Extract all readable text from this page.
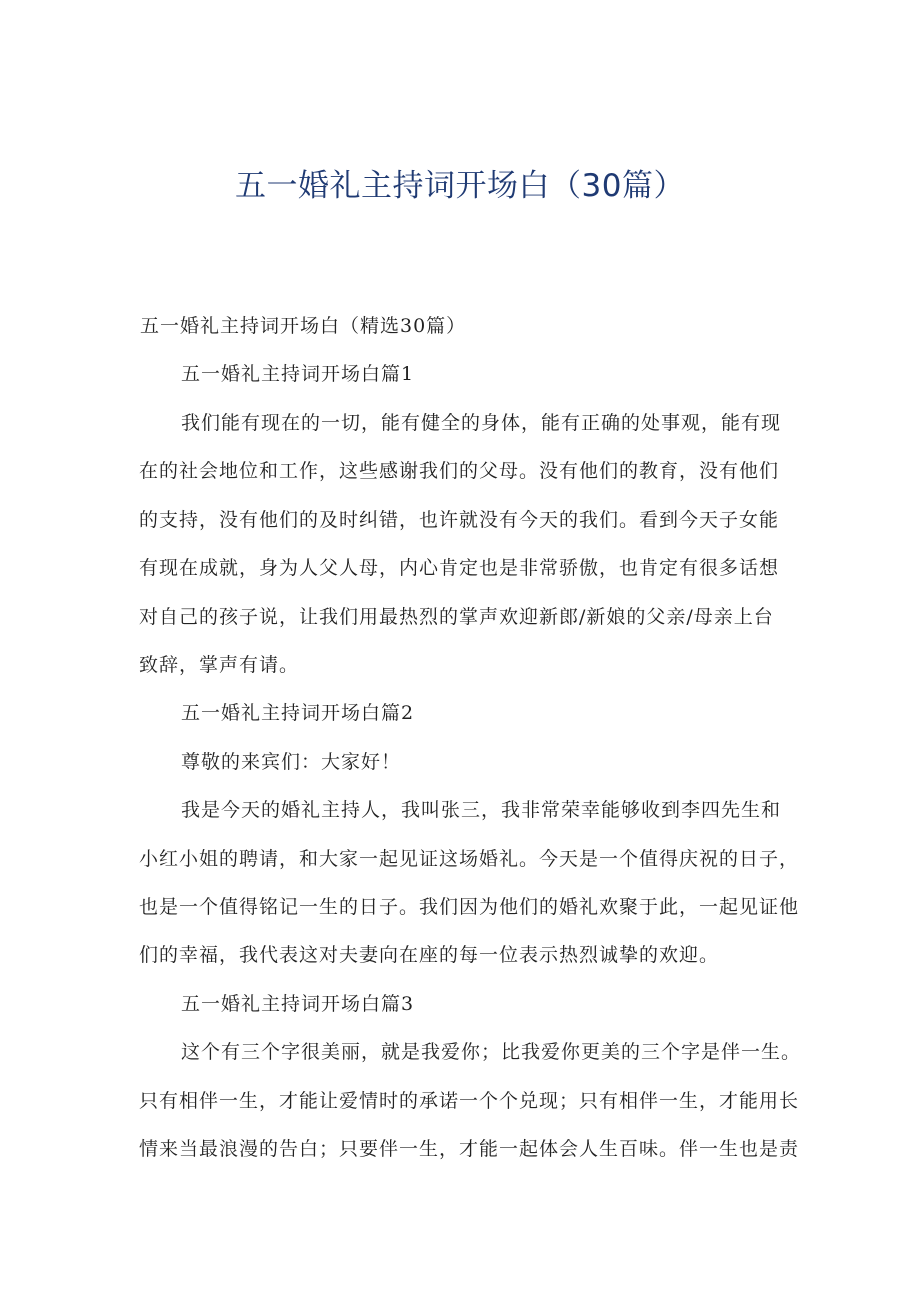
五一婚礼主持词开场白（30篇）
五一婚礼主持词开场白（精选30篇）
五一婚礼主持词开场白篇1
我们能有现在的一切，能有健全的身体，能有正确的处事观，能有现
在的社会地位和工作，这些感谢我们的父母。没有他们的教育，没有他们
的支持，没有他们的及时纠错，也许就没有今天的我们。看到今天子女能
有现在成就，身为人父人母，内心肯定也是非常骄傲，也肯定有很多话想
对自己的孩子说，让我们用最热烈的掌声欢迎新郎/新娘的父亲/母亲上台
致辞，掌声有请。
五一婚礼主持词开场白篇2
尊敬的来宾们：大家好！
我是今天的婚礼主持人，我叫张三，我非常荣幸能够收到李四先生和
小红小姐的聘请，和大家一起见证这场婚礼。今天是一个值得庆祝的日子，
也是一个值得铭记一生的日子。我们因为他们的婚礼欢聚于此，一起见证他
们的幸福，我代表这对夫妻向在座的每一位表示热烈诚挚的欢迎。
五一婚礼主持词开场白篇3
这个有三个字很美丽，就是我爱你；比我爱你更美的三个字是伴一生。
只有相伴一生，才能让爱情时的承诺一个个兑现；只有相伴一生，才能用长
情来当最浪漫的告白；只要伴一生，才能一起体会人生百味。伴一生也是责
